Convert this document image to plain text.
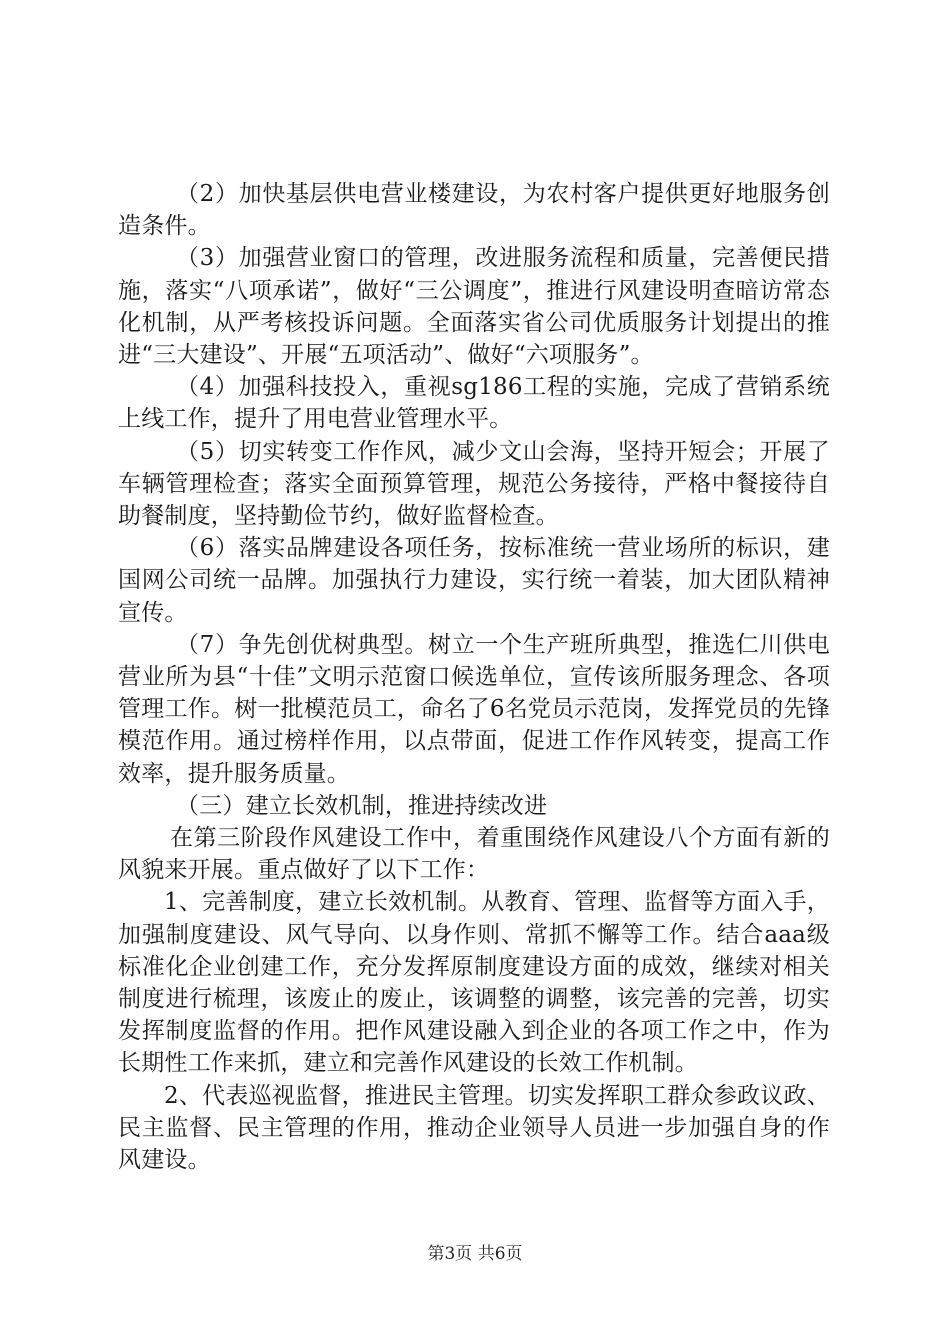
（2）加快基层供电营业楼建设，为农村客户提供更好地服务创造条件。

（3）加强营业窗口的管理，改进服务流程和质量，完善便民措施，落实“八项承诺”，做好“三公调度”，推进行风建设明查暗访常态化机制，从严考核投诉问题。全面落实省公司优质服务计划提出的推进“三大建设”、开展“五项活动”、做好“六项服务”。

（4）加强科技投入，重视sg186工程的实施，完成了营销系统上线工作，提升了用电营业管理水平。

（5）切实转变工作作风，减少文山会海，坚持开短会；开展了车辆管理检查；落实全面预算管理，规范公务接待，严格中餐接待自助餐制度，坚持勤俭节约，做好监督检查。

（6）落实品牌建设各项任务，按标准统一营业场所的标识，建国网公司统一品牌。加强执行力建设，实行统一着装，加大团队精神宣传。

（7）争先创优树典型。树立一个生产班所典型，推选仁川供电营业所为县“十佳”文明示范窗口候选单位，宣传该所服务理念、各项管理工作。树一批模范员工，命名了6名党员示范岗，发挥党员的先锋模范作用。通过榜样作用，以点带面，促进工作作风转变，提高工作效率，提升服务质量。

（三）建立长效机制，推进持续改进

在第三阶段作风建设工作中，着重围绕作风建设八个方面有新的风貌来开展。重点做好了以下工作：

1、完善制度，建立长效机制。从教育、管理、监督等方面入手，加强制度建设、风气导向、以身作则、常抓不懈等工作。结合aaa级标准化企业创建工作，充分发挥原制度建设方面的成效，继续对相关制度进行梳理，该废止的废止，该调整的调整，该完善的完善，切实发挥制度监督的作用。把作风建设融入到企业的各项工作之中，作为长期性工作来抓，建立和完善作风建设的长效工作机制。

2、代表巡视监督，推进民主管理。切实发挥职工群众参政议政、民主监督、民主管理的作用，推动企业领导人员进一步加强自身的作风建设。

第3页 共6页
